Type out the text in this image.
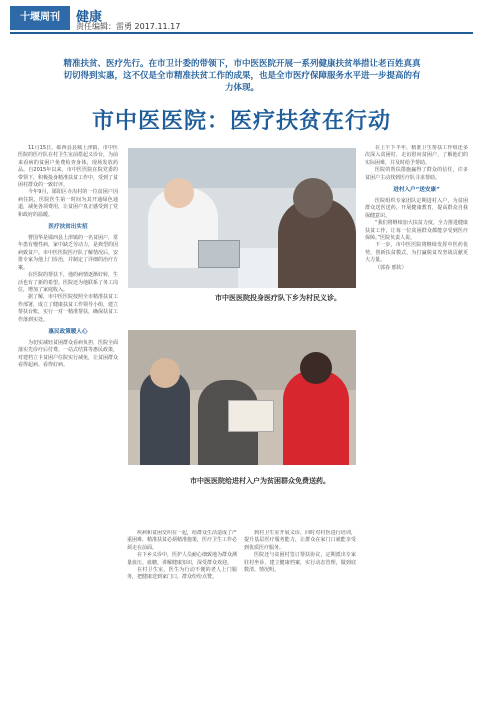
十堰周刊	健康
责任编辑：雷勇 2017.11.17
精准扶贫、医疗先行。在市卫计委的带领下，市中医医院开展一系列健康扶贫举措让老百姓真真切切得到实惠，这不仅是全市精准扶贫工作的成果，也是全市医疗保障服务水平进一步提高的有力体现。
市中医医院：医疗扶贫在行动

11月15日，郧西县县城上津镇，市中医医院的医疗队在村卫生室前搭起义诊台，为前来看病的贫困户免费检查身体，现场发放药品。自2015年以来，市中医医院在院党委的带领下，积极投身精准扶贫工作中，受到了贫困村群众的一致好评。

今年9月，郧阳区寺沟村的一位贫困户因病住院，医院医生第一时间为其开通绿色通道，减免各项费用，让贫困户真正感受到了党和政府的温暖。

医疗扶贫出实招

曹国华是郧西县上津镇的一名贫困户，常年患有慢性病，家中缺乏劳动力，是典型的因病致贫户。市中医医院医疗队了解情况后，安排专家为他上门诊治，并制定了详细的治疗方案。

在医院的帮扶下，他的病情逐渐好转，生活也有了新的希望。医院还为他联系了务工岗位，增加了家庭收入。

据了解，市中医医院按照全市精准扶贫工作部署，成立了健康扶贫工作领导小组，建立帮扶台账，实行一对一精准帮扶，确保扶贫工作落到实处。

惠民政策暖人心

为切实减轻贫困群众看病负担，医院全面落实先诊疗后付费、一站式结算等惠民政策，对建档立卡贫困户住院实行减免，让贫困群众看得起病、看得好病。

疾病和贫困交织在一起，给群众生活造成了严重困难，精准扶贫必须精准施策，医疗卫生工作必须走在前面。

在下乡义诊中，医护人员耐心细致地为群众测量血压、血糖，讲解健康知识，深受群众欢迎。

在村卫生室，医生为行动不便的老人上门服务，把健康送到家门口，群众纷纷点赞。

到村卫生室开展义诊，同时对村医进行培训，提升基层医疗服务能力，让群众在家门口就能享受到优质医疗服务。

医院还与贫困村签订帮扶协议，定期派出专家驻村坐诊，建立健康档案，实行动态管理，做到底数清、情况明。

在上午下半年，精准卫生帮扶工作组还多次深入贫困村，走访慰问贫困户，了解他们的实际困难，并及时给予帮助。

医院的帮扶措施赢得了群众的信任，许多贫困户主动找到医疗队寻求帮助。

进村入户“送安康”

医院组织专家团队定期进村入户，为贫困群众送医送药，开展健康教育，提高群众自我保健意识。

“我们将继续加大扶贫力度，全力推进健康扶贫工作，让每一位贫困群众都能享受到医疗保障。”医院负责人说。

下一步，市中医医院将继续发挥中医药优势，创新扶贫模式，为打赢脱贫攻坚战贡献更大力量。

（郭春 邢钦）

市中医医院投身医疗队下乡为村民义诊。
市中医医院给进村入户为贫困群众免费送药。
